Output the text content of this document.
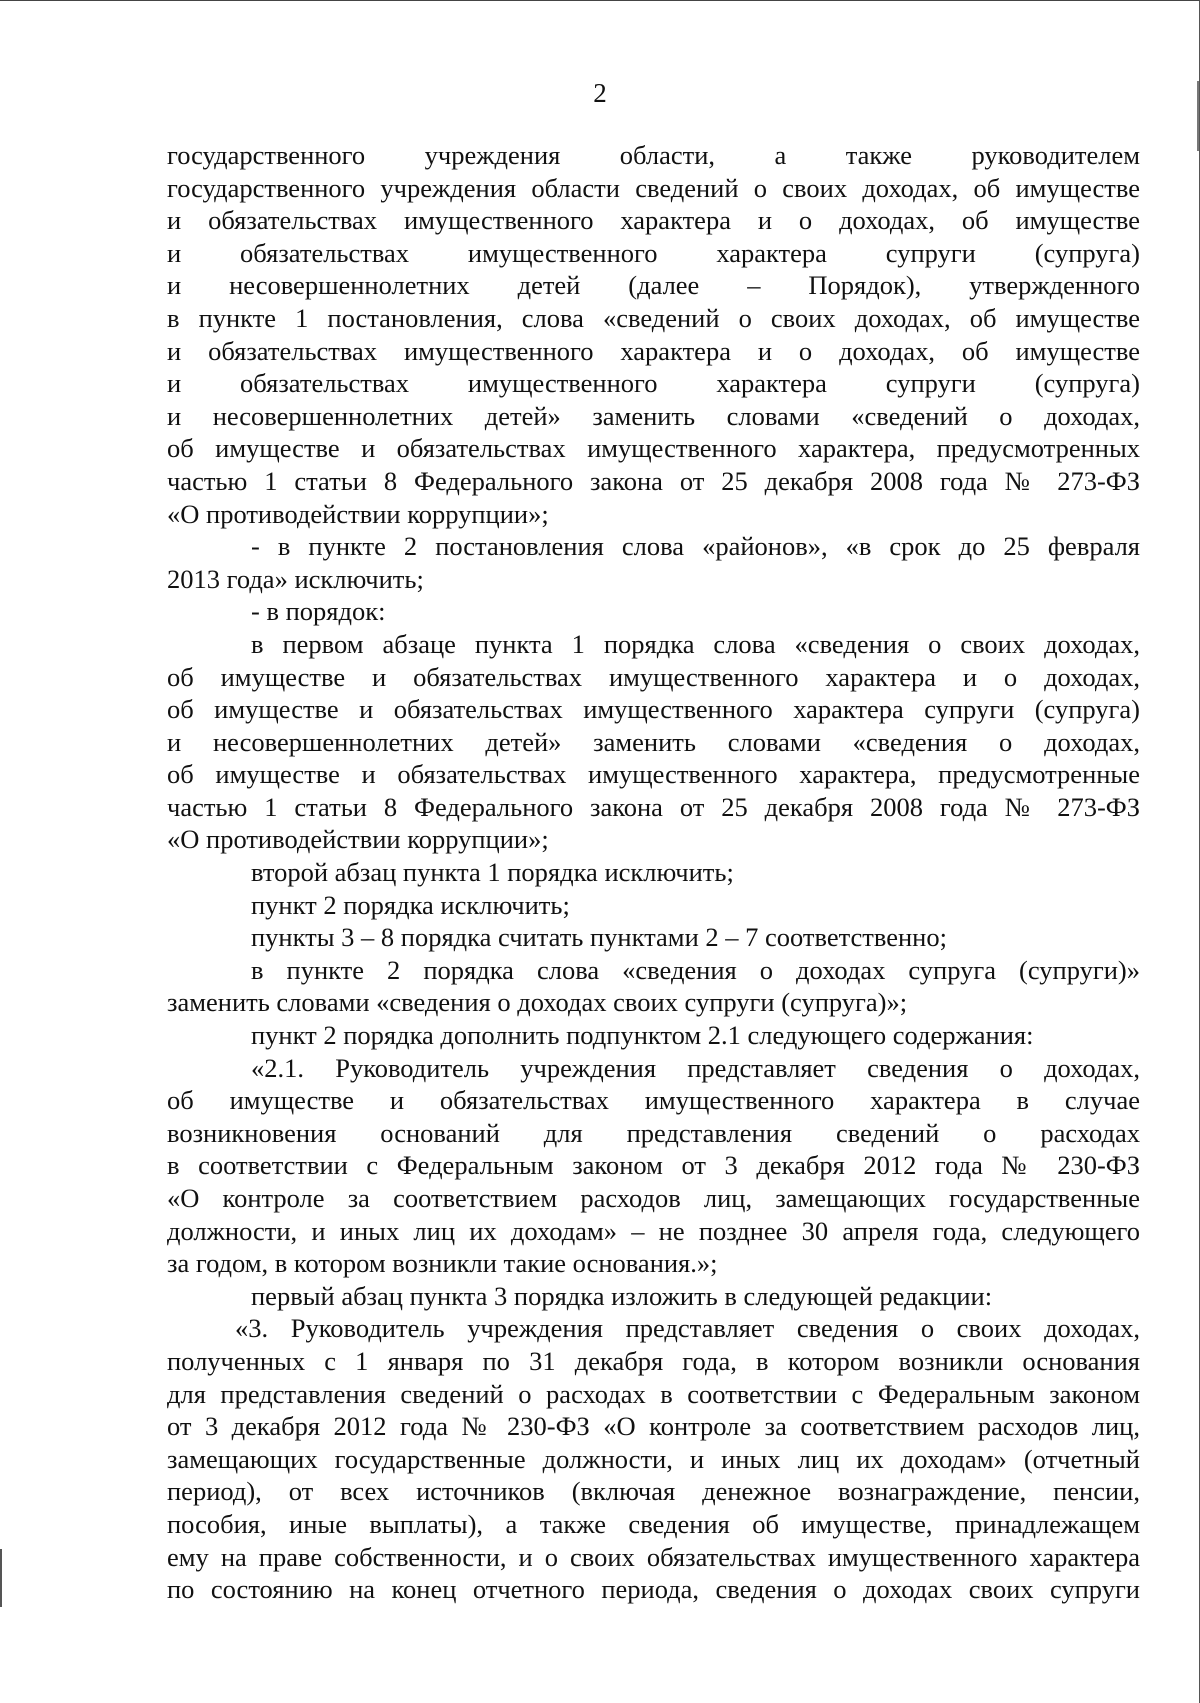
2
государственного учреждения области, а также руководителем
государственного учреждения области сведений о своих доходах, об имуществе
и обязательствах имущественного характера и о доходах, об имуществе
и обязательствах имущественного характера супруги (супруга)
и несовершеннолетних детей (далее – Порядок), утвержденного
в пункте 1 постановления, слова «сведений о своих доходах, об имуществе
и обязательствах имущественного характера и о доходах, об имуществе
и обязательствах имущественного характера супруги (супруга)
и несовершеннолетних детей» заменить словами «сведений о доходах,
об имуществе и обязательствах имущественного характера, предусмотренных
частью 1 статьи 8 Федерального закона от 25 декабря 2008 года № 273-ФЗ
«О противодействии коррупции»;
- в пункте 2 постановления слова «районов», «в срок до 25 февраля
2013 года» исключить;
- в порядок:
в первом абзаце пункта 1 порядка слова «сведения о своих доходах,
об имуществе и обязательствах имущественного характера и о доходах,
об имуществе и обязательствах имущественного характера супруги (супруга)
и несовершеннолетних детей» заменить словами «сведения о доходах,
об имуществе и обязательствах имущественного характера, предусмотренные
частью 1 статьи 8 Федерального закона от 25 декабря 2008 года № 273-ФЗ
«О противодействии коррупции»;
второй абзац пункта 1 порядка исключить;
пункт 2 порядка исключить;
пункты 3 – 8 порядка считать пунктами 2 – 7 соответственно;
в пункте 2 порядка слова «сведения о доходах супруга (супруги)»
заменить словами «сведения о доходах своих супруги (супруга)»;
пункт 2 порядка дополнить подпунктом 2.1 следующего содержания:
«2.1. Руководитель учреждения представляет сведения о доходах,
об имуществе и обязательствах имущественного характера в случае
возникновения оснований для представления сведений о расходах
в соответствии с Федеральным законом от 3 декабря 2012 года № 230-ФЗ
«О контроле за соответствием расходов лиц, замещающих государственные
должности, и иных лиц их доходам» – не позднее 30 апреля года, следующего
за годом, в котором возникли такие основания.»;
первый абзац пункта 3 порядка изложить в следующей редакции:
«3. Руководитель учреждения представляет сведения о своих доходах,
полученных с 1 января по 31 декабря года, в котором возникли основания
для представления сведений о расходах в соответствии с Федеральным законом
от 3 декабря 2012 года № 230-ФЗ «О контроле за соответствием расходов лиц,
замещающих государственные должности, и иных лиц их доходам» (отчетный
период), от всех источников (включая денежное вознаграждение, пенсии,
пособия, иные выплаты), а также сведения об имуществе, принадлежащем
ему на праве собственности, и о своих обязательствах имущественного характера
по состоянию на конец отчетного периода, сведения о доходах своих супруги
